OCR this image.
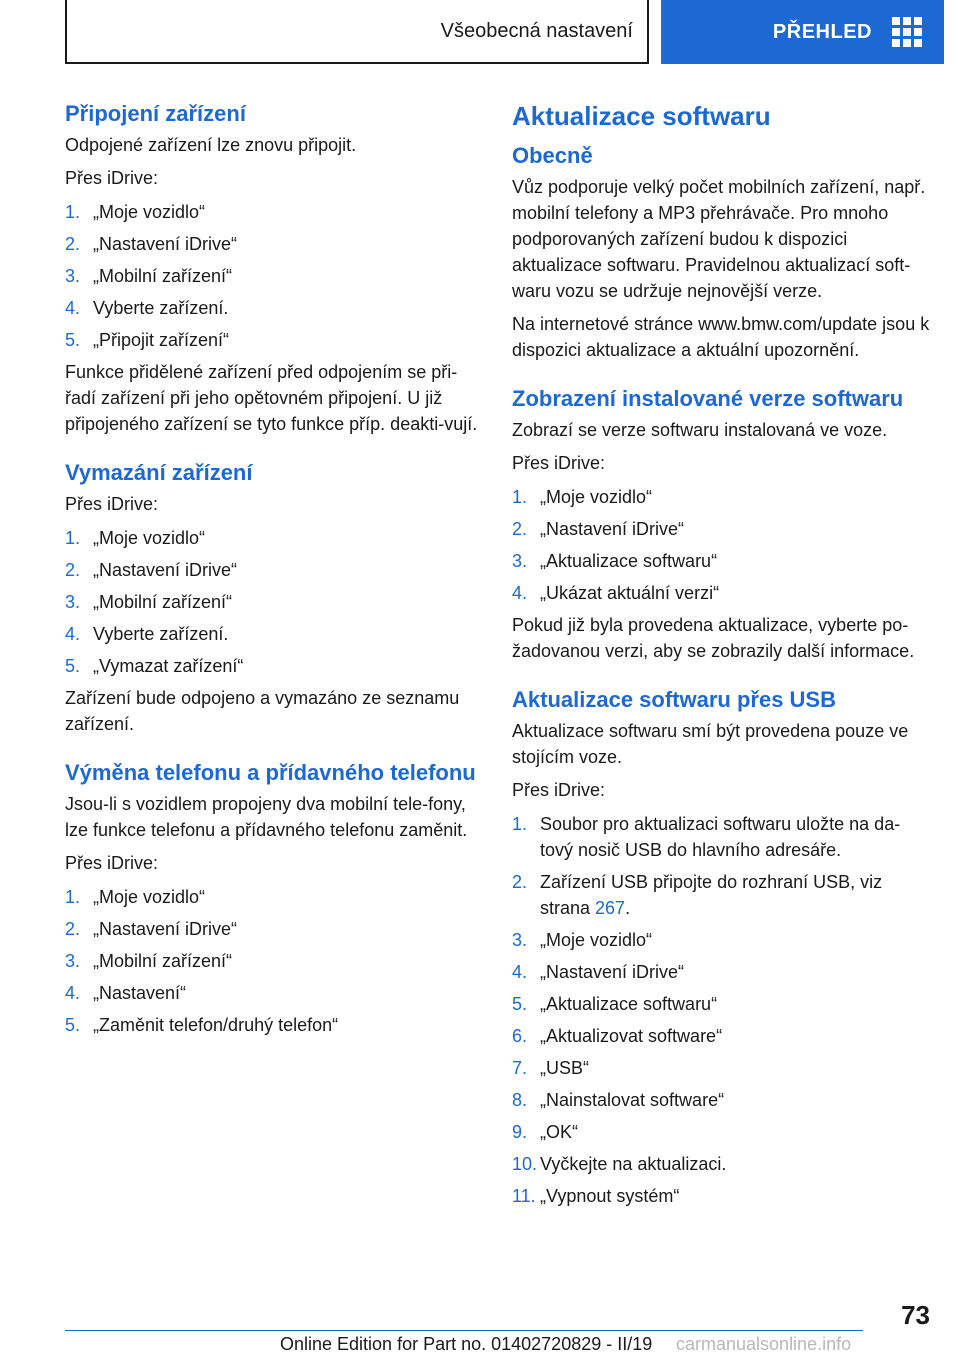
Všeobecná nastavení	PŘEHLED
Připojení zařízení

Odpojené zařízení lze znovu připojit.

Přes iDrive:

1. „Moje vozidlo“
2. „Nastavení iDrive“
3. „Mobilní zařízení“
4. Vyberte zařízení.
5. „Připojit zařízení“

Funkce přidělené zařízení před odpojením se při-řadí zařízení při jeho opětovném připojení. U již připojeného zařízení se tyto funkce příp. deakti-vují.

Vymazání zařízení

Přes iDrive:

1. „Moje vozidlo“
2. „Nastavení iDrive“
3. „Mobilní zařízení“
4. Vyberte zařízení.
5. „Vymazat zařízení“

Zařízení bude odpojeno a vymazáno ze seznamu zařízení.

Výměna telefonu a přídavného telefonu

Jsou-li s vozidlem propojeny dva mobilní tele-fony, lze funkce telefonu a přídavného telefonu zaměnit.

Přes iDrive:

1. „Moje vozidlo“
2. „Nastavení iDrive“
3. „Mobilní zařízení“
4. „Nastavení“
5. „Zaměnit telefon/druhý telefon“
Aktualizace softwaru
Obecně

Vůz podporuje velký počet mobilních zařízení, např. mobilní telefony a MP3 přehrávače. Pro mnoho podporovaných zařízení budou k dispozici aktualizace softwaru. Pravidelnou aktualizací soft-waru vozu se udržuje nejnovější verze.

Na internetové stránce www.bmw.com/update jsou k dispozici aktualizace a aktuální upozornění.

Zobrazení instalované verze softwaru

Zobrazí se verze softwaru instalovaná ve voze.

Přes iDrive:

1. „Moje vozidlo“
2. „Nastavení iDrive“
3. „Aktualizace softwaru“
4. „Ukázat aktuální verzi“

Pokud již byla provedena aktualizace, vyberte po-žadovanou verzi, aby se zobrazily další informace.

Aktualizace softwaru přes USB

Aktualizace softwaru smí být provedena pouze ve stojícím voze.

Přes iDrive:

1. Soubor pro aktualizaci softwaru uložte na da-tový nosič USB do hlavního adresáře.
2. Zařízení USB připojte do rozhraní USB, viz strana 267.
3. „Moje vozidlo“
4. „Nastavení iDrive“
5. „Aktualizace softwaru“
6. „Aktualizovat software“
7. „USB“
8. „Nainstalovat software“
9. „OK“
10. Vyčkejte na aktualizaci.
11. „Vypnout systém“
73
Online Edition for Part no. 01402720829 - II/19 carmanualsonline.info
